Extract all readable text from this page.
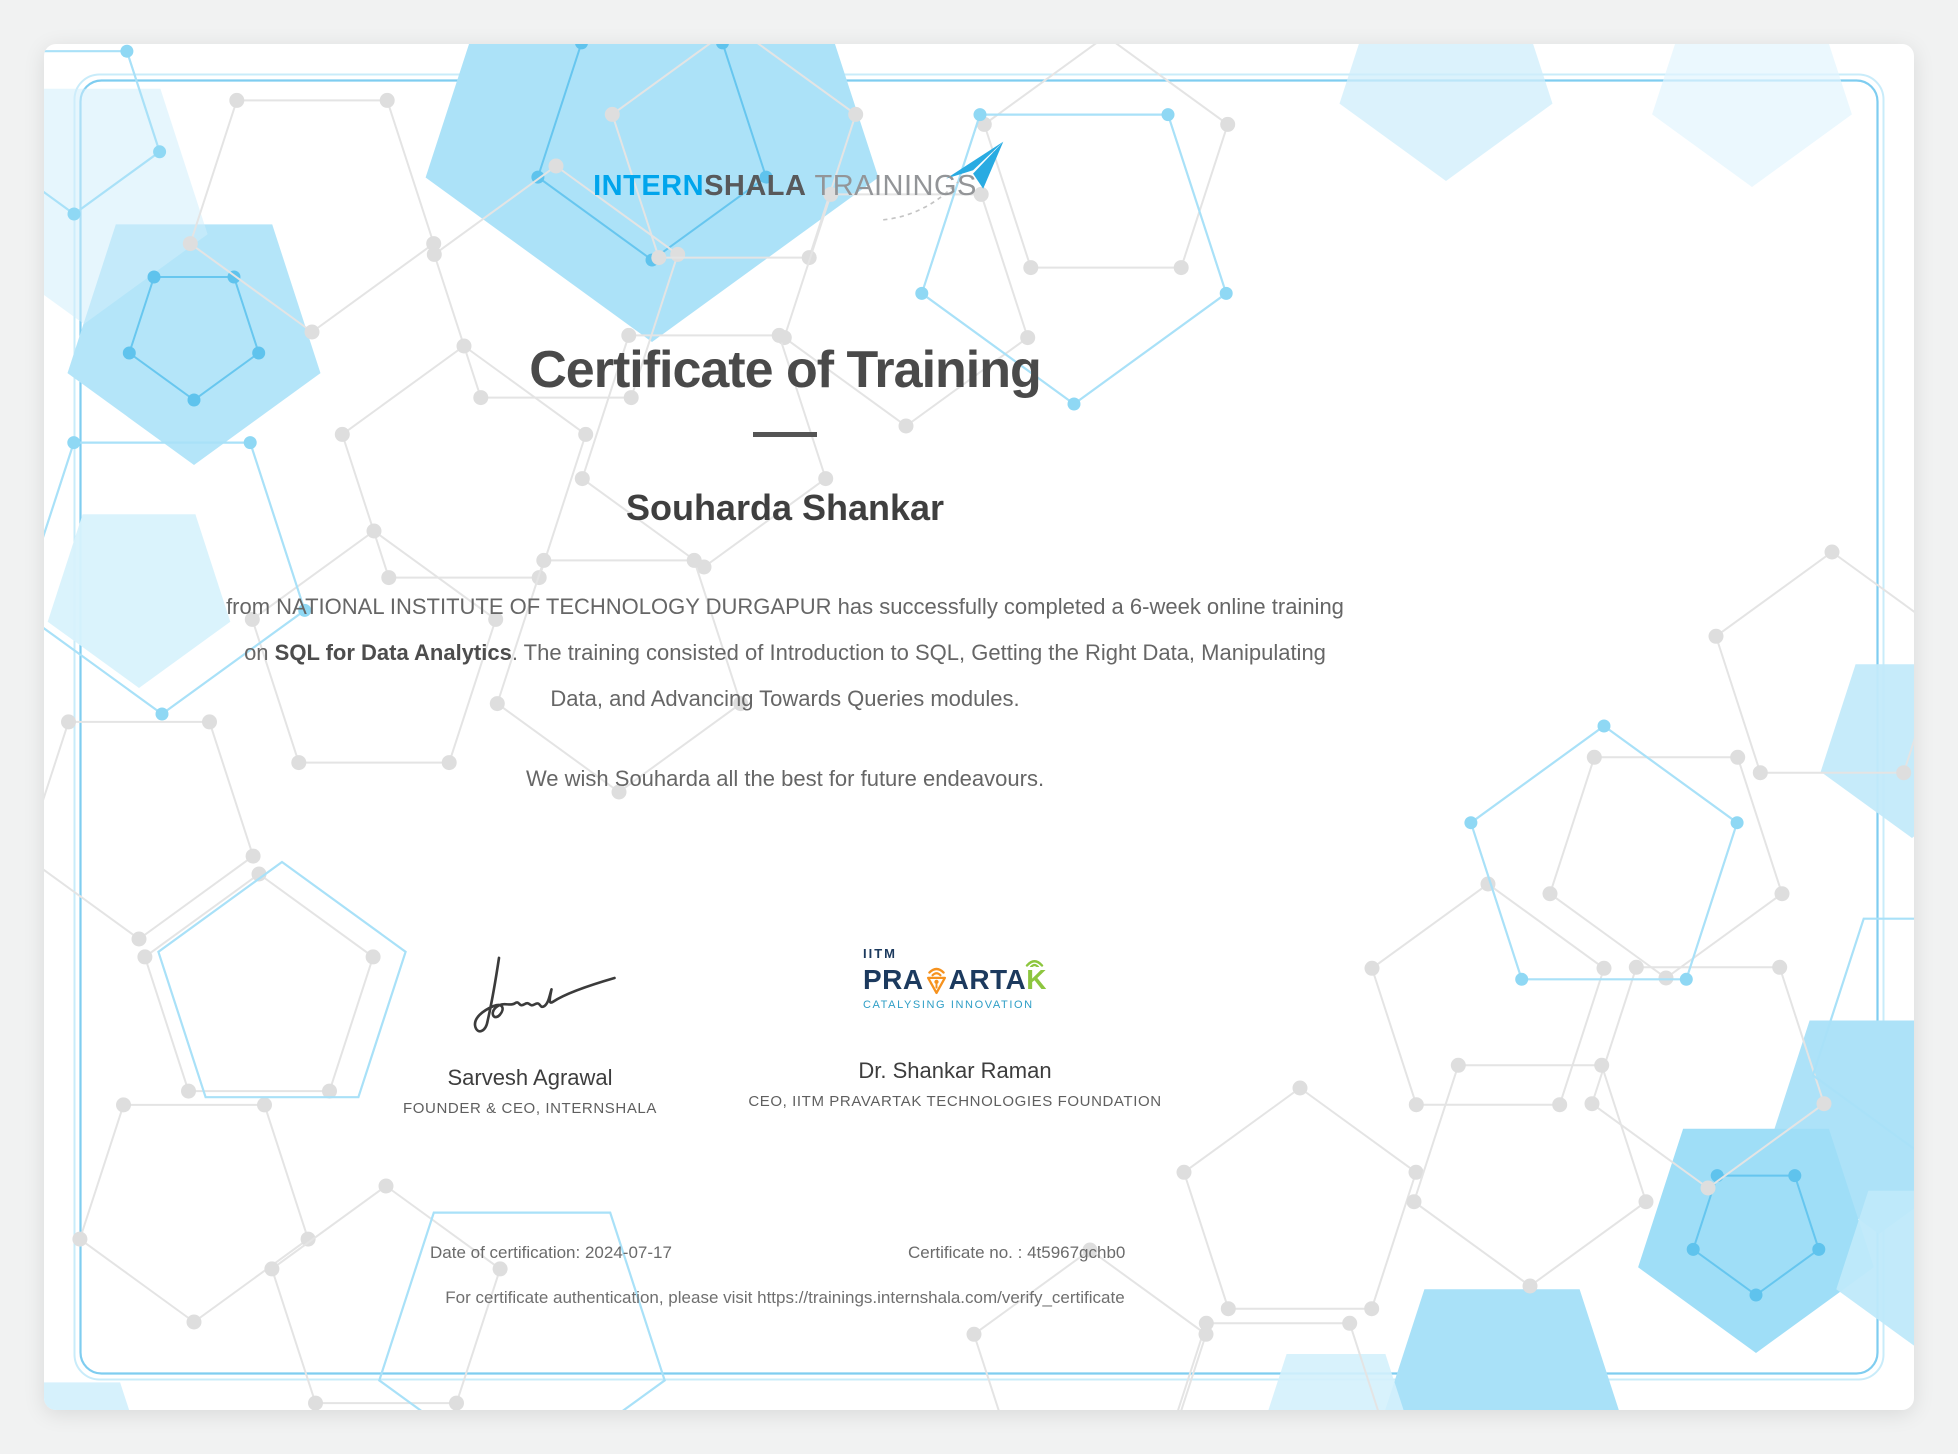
INTERNSHALA TRAININGS
Certificate of Training
Souharda Shankar
from NATIONAL INSTITUTE OF TECHNOLOGY DURGAPUR has successfully completed a 6-week online training
on SQL for Data Analytics. The training consisted of Introduction to SQL, Getting the Right Data, Manipulating
Data, and Advancing Towards Queries modules.
We wish Souharda all the best for future endeavours.
Sarvesh Agrawal
FOUNDER & CEO, INTERNSHALA
IITM
PRA ARTA K
CATALYSING INNOVATION
Dr. Shankar Raman
CEO, IITM PRAVARTAK TECHNOLOGIES FOUNDATION
Date of certification: 2024-07-17	Certificate no. : 4t5967gchb0
For certificate authentication, please visit https://trainings.internshala.com/verify_certificate
